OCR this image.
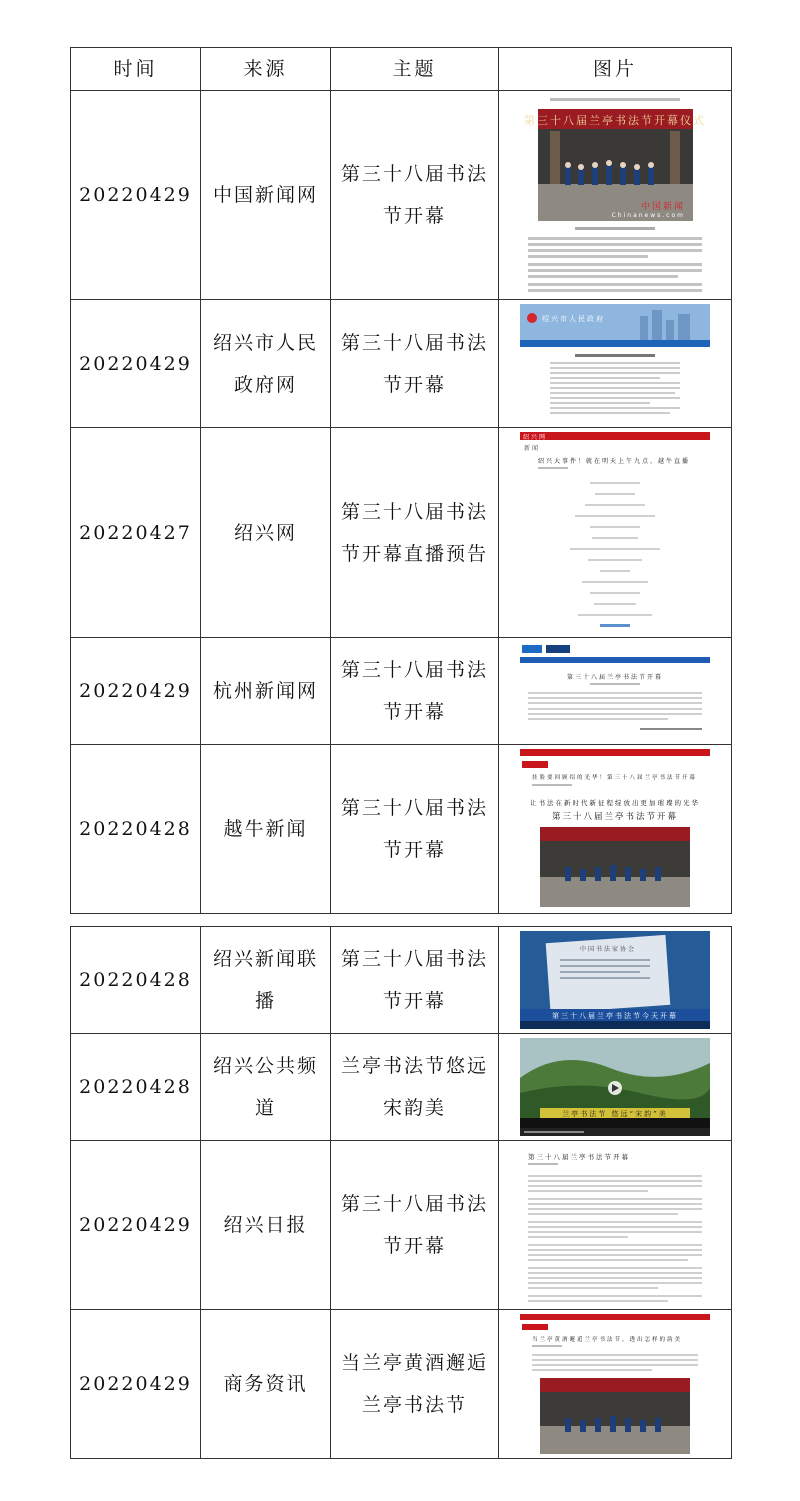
时间	来源	主题	图片
20220429	中国新闻网	第三十八届书法节开幕	第三十八届兰亭书法节开幕仪式
中国新闻
Chinanews.com

20220429	绍兴市人民政府网	第三十八届书法节开幕	绍兴市人民政府

20220427	绍兴网	第三十八届书法节开幕直播预告	绍兴网
新闻
绍兴大事件！就在明天上午九点，越牛直播

20220429	杭州新闻网	第三十八届书法节开幕	第三十八届兰亭书法节开幕

20220428	越牛新闻	第三十八届书法节开幕	挂脸要回顾绍的光华！第三十八届兰亭书法节开幕
让书法在新时代新征程绽放出更加璀璨的光华
第三十八届兰亭书法节开幕
20220428	绍兴新闻联播	第三十八届书法节开幕	中国书法家协会
第三十八届兰亭书法节今天开幕

20220428	绍兴公共频道	兰亭书法节悠远宋韵美	兰亭书法节 悠远“宋韵”美

20220429	绍兴日报	第三十八届书法节开幕	第三十八届兰亭书法节开幕

20220429	商务资讯	当兰亭黄酒邂逅兰亭书法节	当兰亭黄酒邂逅兰亭书法节，透出怎样的韵美
